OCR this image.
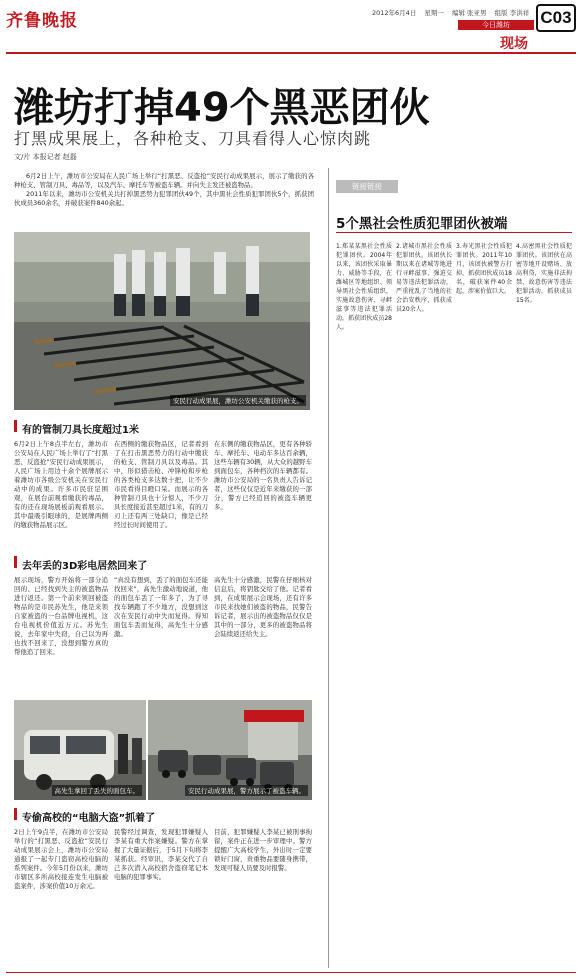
齐鲁晚报	2012年6月4日 星期一 编辑 张亚男 组版 李洪祥 C03
今日潍坊
现场
潍坊打掉49个黑恶团伙
打黑成果展上，各种枪支、刀具看得人心惊肉跳
文/片 本报记者 赵磊

6月2日上午，潍坊市公安局在人民广场上举行“打黑恶、反盗抢”安民行动成果展示，展示了缴获的各种枪支、管制刀具、毒品等，以及汽车、摩托车等被盗车辆。并向失主发还被盗物品。

2011年以来，潍坊市公安机关共打掉黑恶势力犯罪团伙49个，其中黑社会性质犯罪团伙5个，抓获团伙成员360余名，并破获案件840余起。

安民行动成果展，潍坊公安机关缴获的枪支。
有的管制刀具长度超过1米
6月2日上午8点半左右，潍坊市公安局在人民广场上举行了“打黑恶、反盗抢”安民行动成果展示，人民广场上用边十余个展牌展示着潍坊市各级公安机关在安民行动中的成果。许多市民驻足围观，在展台前观看缴获的毒品，有的还在现场展板前观看展示。其中最吸引眼球的，是展牌两侧的缴获物品展示区。
在西侧的缴获物品区，记者看到了在打击黑恶势力的行动中缴获的枪支、管制刀具以及毒品。其中，形似猎击枪、冲锋枪和步枪的各类枪支多达数十把，让不少市民看得目瞪口呆。而展示的各种管制刀具也十分惊人，不少刀具长度接近甚至超过1米，有的刀刃上还有两三处缺口，像是已经经过长时间使用了。
在东侧的缴获物品区，更有各种轿车、摩托车、电动车多达百余辆，这些车辆有30辆，从大众的越野车到面包车，各种档次的车辆都有。潍坊市公安局的一名负责人告诉记者，这些仅仅是近年来缴获的一部分，警方已经追回的被盗车辆更多。
去年丢的3D彩电居然回来了
展示现场，警方开始将一部分追回的、已经找到失主的被盗物品进行返还。第一个前来领回被盗物品的是市民苏先生，他是来领自家被盗的一台品牌电视机，这台电视机价值近万元。苏先生说，去年家中失窃，自己以为再也找不回来了，没想到警方真的帮他追了回来。
“真没有想到，丢了的面包车还能找回来”，高先生激动地说道，他的面包车丢了一年多了，为了寻找车辆跑了不少地方，没想到这次在安民行动中失而复得。得知面包车丢而复得，高先生十分感激。
高先生十分感激，民警在仔细核对信息后，将钥匙交给了他。记者看到，在成果展示会现场，还有许多市民来找她们被盗的物品，民警告诉记者，展示出的被盗物品仅仅是其中的一部分，更多的被盗物品将会陆续返还给失主。
高先生拿回了丢失的面包车。	安民行动成果展，警方展示了被盗车辆。
专偷高校的“电脑大盗”抓着了
2日上午9点半，在潍坊市公安局举行的“打黑恶、反盗抢”安民行动成果展示会上，潍坊市公安局通报了一起专门盗窃高校电脑的系列案件。今年5月份以来，潍坊市辖区多所高校接连发生电脑被盗案件，涉案价值10万余元。
民警经过调查，发现犯罪嫌疑人李某有重大作案嫌疑。警方在掌握了大量证据后，于5月下旬将李某抓获。经审讯，李某交代了自己多次潜入高校宿舍盗窃笔记本电脑的犯罪事实。
目前，犯罪嫌疑人李某已被刑事拘留，案件正在进一步审理中。警方提醒广大高校学生，外出时一定要锁好门窗，贵重物品要随身携带，发现可疑人员要及时报警。
链接链接
5个黑社会性质犯罪团伙被端
1.郑某某黑社会性质犯罪团伙。2004年以来，该团伙采取暴力、威胁等手段，在潍城区等地组织、领导黑社会性质组织，实施故意伤害、寻衅滋事等违法犯罪活动，抓获团伙成员28人。
2.诸城市黑社会性质犯罪团伙。该团伙长期以来在诸城等地进行寻衅滋事、强迫交易等违法犯罪活动，严重扰乱了当地的社会治安秩序，抓获成员20余人。
3.寿光黑社会性质犯罪团伙。2011年10月，该团伙被警方打掉，抓获团伙成员18名，破获案件40余起，涉案价值巨大。
4.高密黑社会性质犯罪团伙。该团伙在高密等地开设赌场、放高利贷，实施非法拘禁、故意伤害等违法犯罪活动，抓获成员15名。
